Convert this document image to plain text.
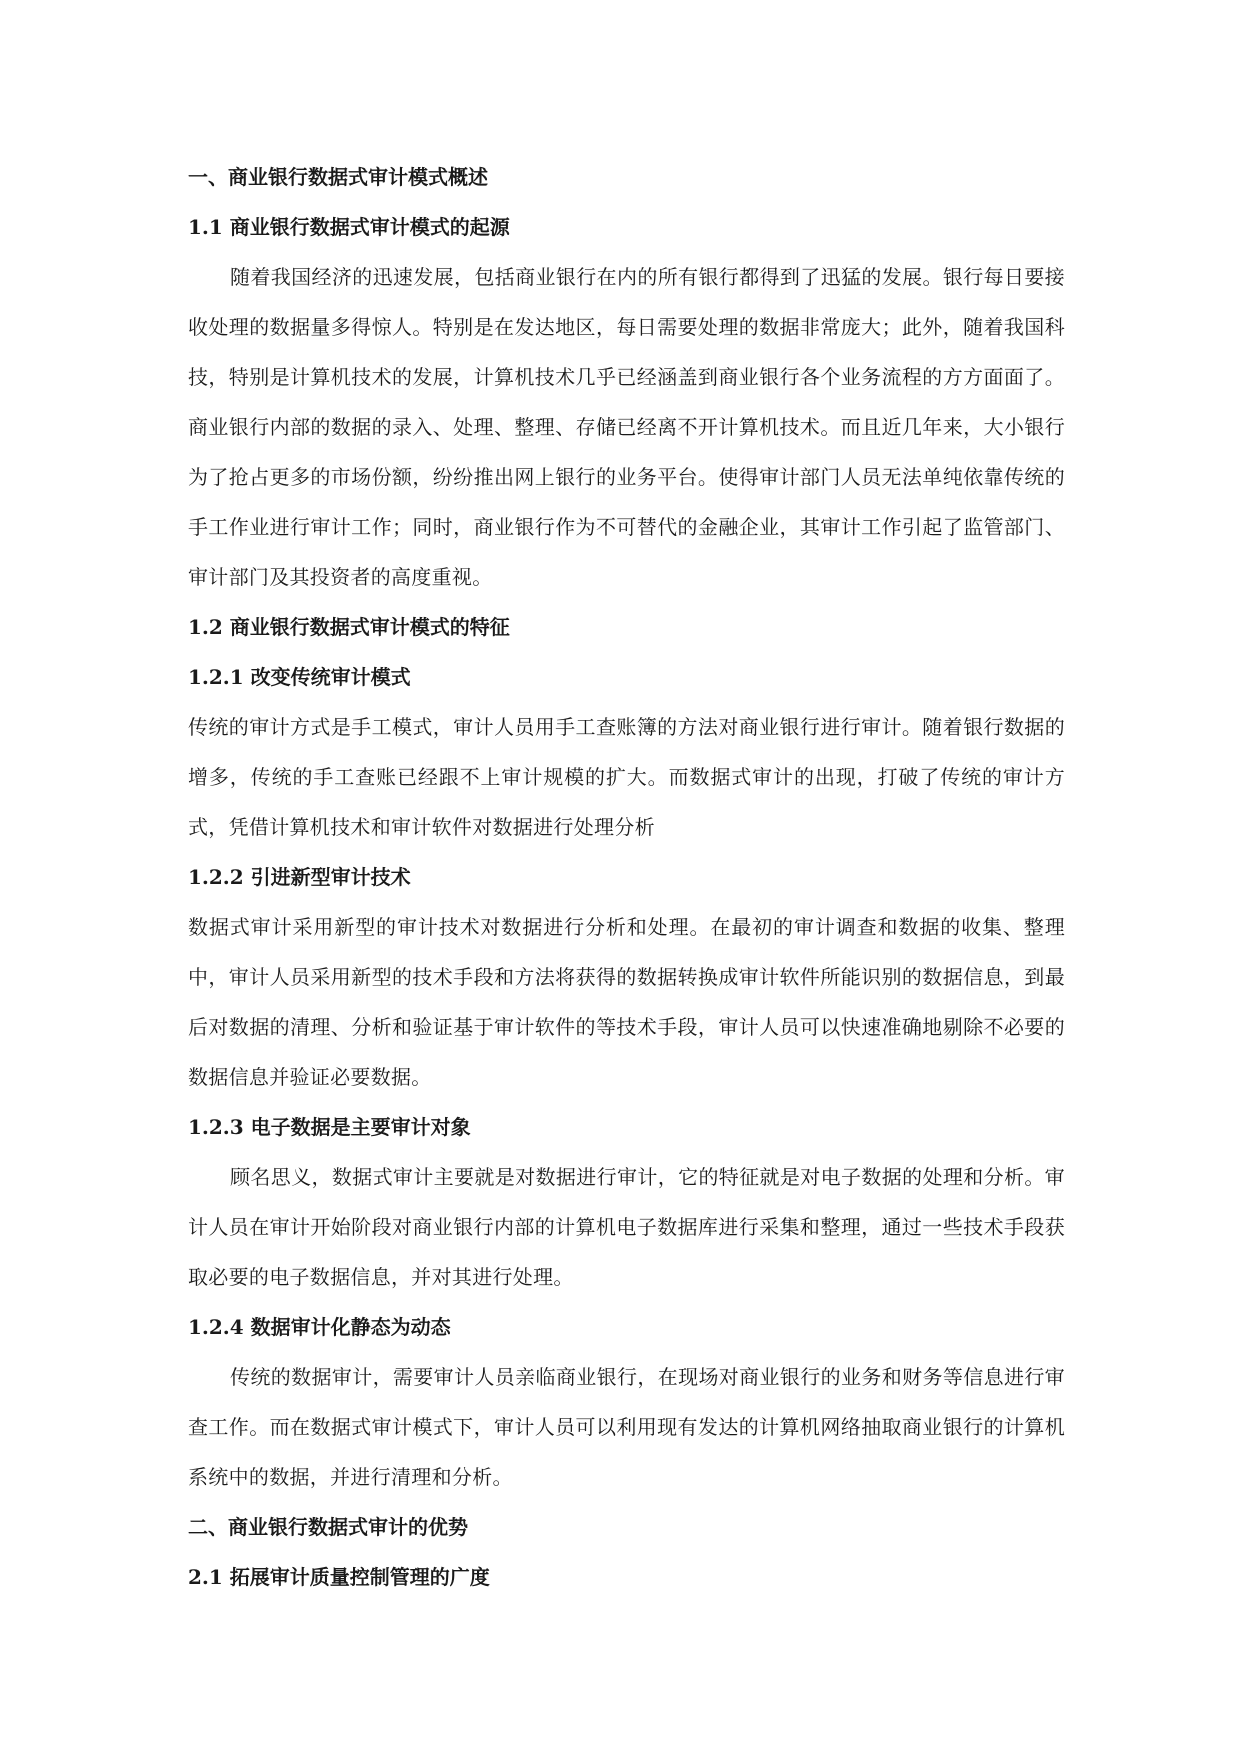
一、商业银行数据式审计模式概述

1.1 商业银行数据式审计模式的起源

随着我国经济的迅速发展，包括商业银行在内的所有银行都得到了迅猛的发展。银行每日要接收处理的数据量多得惊人。特别是在发达地区，每日需要处理的数据非常庞大；此外，随着我国科技，特别是计算机技术的发展，计算机技术几乎已经涵盖到商业银行各个业务流程的方方面面了。商业银行内部的数据的录入、处理、整理、存储已经离不开计算机技术。而且近几年来，大小银行为了抢占更多的市场份额，纷纷推出网上银行的业务平台。使得审计部门人员无法单纯依靠传统的手工作业进行审计工作；同时，商业银行作为不可替代的金融企业，其审计工作引起了监管部门、审计部门及其投资者的高度重视。

1.2 商业银行数据式审计模式的特征

1.2.1 改变传统审计模式

传统的审计方式是手工模式，审计人员用手工查账簿的方法对商业银行进行审计。随着银行数据的增多，传统的手工查账已经跟不上审计规模的扩大。而数据式审计的出现，打破了传统的审计方式，凭借计算机技术和审计软件对数据进行处理分析

1.2.2 引进新型审计技术

数据式审计采用新型的审计技术对数据进行分析和处理。在最初的审计调查和数据的收集、整理中，审计人员采用新型的技术手段和方法将获得的数据转换成审计软件所能识别的数据信息，到最后对数据的清理、分析和验证基于审计软件的等技术手段，审计人员可以快速准确地剔除不必要的数据信息并验证必要数据。

1.2.3 电子数据是主要审计对象

顾名思义，数据式审计主要就是对数据进行审计，它的特征就是对电子数据的处理和分析。审计人员在审计开始阶段对商业银行内部的计算机电子数据库进行采集和整理，通过一些技术手段获取必要的电子数据信息，并对其进行处理。

1.2.4 数据审计化静态为动态

传统的数据审计，需要审计人员亲临商业银行，在现场对商业银行的业务和财务等信息进行审查工作。而在数据式审计模式下，审计人员可以利用现有发达的计算机网络抽取商业银行的计算机系统中的数据，并进行清理和分析。

二、商业银行数据式审计的优势

2.1 拓展审计质量控制管理的广度
